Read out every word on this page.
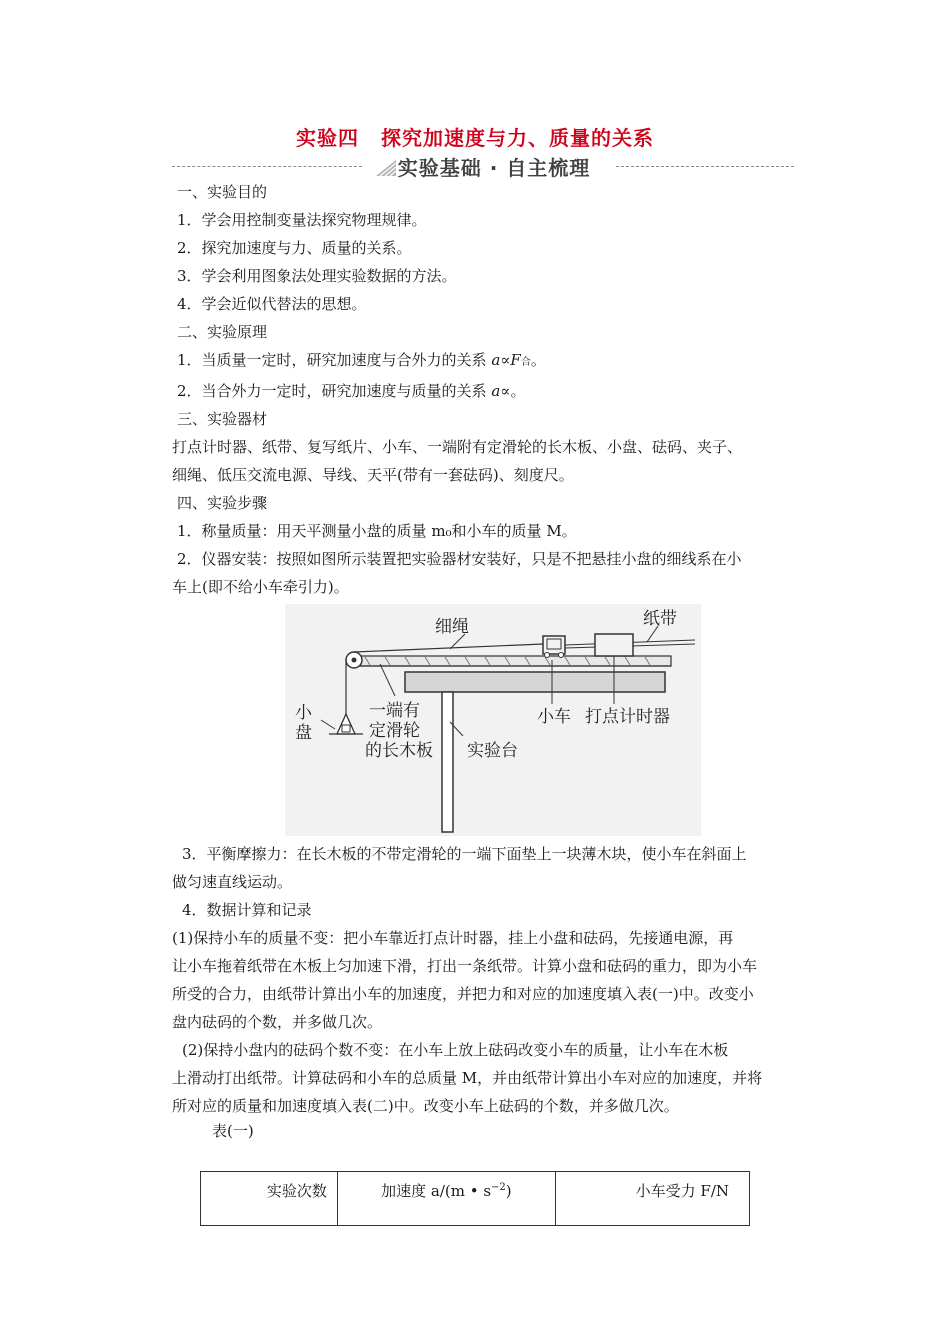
实验四 探究加速度与力、质量的关系
实验基础 · 自主梳理

一、实验目的

1．学会用控制变量法探究物理规律。

2．探究加速度与力、质量的关系。

3．学会利用图象法处理实验数据的方法。

4．学会近似代替法的思想。

二、实验原理

1．当质量一定时，研究加速度与合外力的关系 a∝F合。

2．当合外力一定时，研究加速度与质量的关系 a∝。

三、实验器材

打点计时器、纸带、复写纸片、小车、一端附有定滑轮的长木板、小盘、砝码、夹子、

细绳、低压交流电源、导线、天平(带有一套砝码)、刻度尺。

四、实验步骤

1．称量质量：用天平测量小盘的质量 m₀和小车的质量 M。

2．仪器安装：按照如图所示装置把实验器材安装好，只是不把悬挂小盘的细线系在小

车上(即不给小车牵引力)。

细绳	纸带
小车 打点计时器
小
盘
一端有
定滑轮
的长木板 实验台

3．平衡摩擦力：在长木板的不带定滑轮的一端下面垫上一块薄木块，使小车在斜面上

做匀速直线运动。

4．数据计算和记录

(1)保持小车的质量不变：把小车靠近打点计时器，挂上小盘和砝码，先接通电源，再

让小车拖着纸带在木板上匀加速下滑，打出一条纸带。计算小盘和砝码的重力，即为小车

所受的合力，由纸带计算出小车的加速度，并把力和对应的加速度填入表(一)中。改变小

盘内砝码的个数，并多做几次。

(2)保持小盘内的砝码个数不变：在小车上放上砝码改变小车的质量，让小车在木板

上滑动打出纸带。计算砝码和小车的总质量 M，并由纸带计算出小车对应的加速度，并将

所对应的质量和加速度填入表(二)中。改变小车上砝码的个数，并多做几次。

表(一)
实验次数	加速度 a/(m • $s^{-2}$)	小车受力 F/N
